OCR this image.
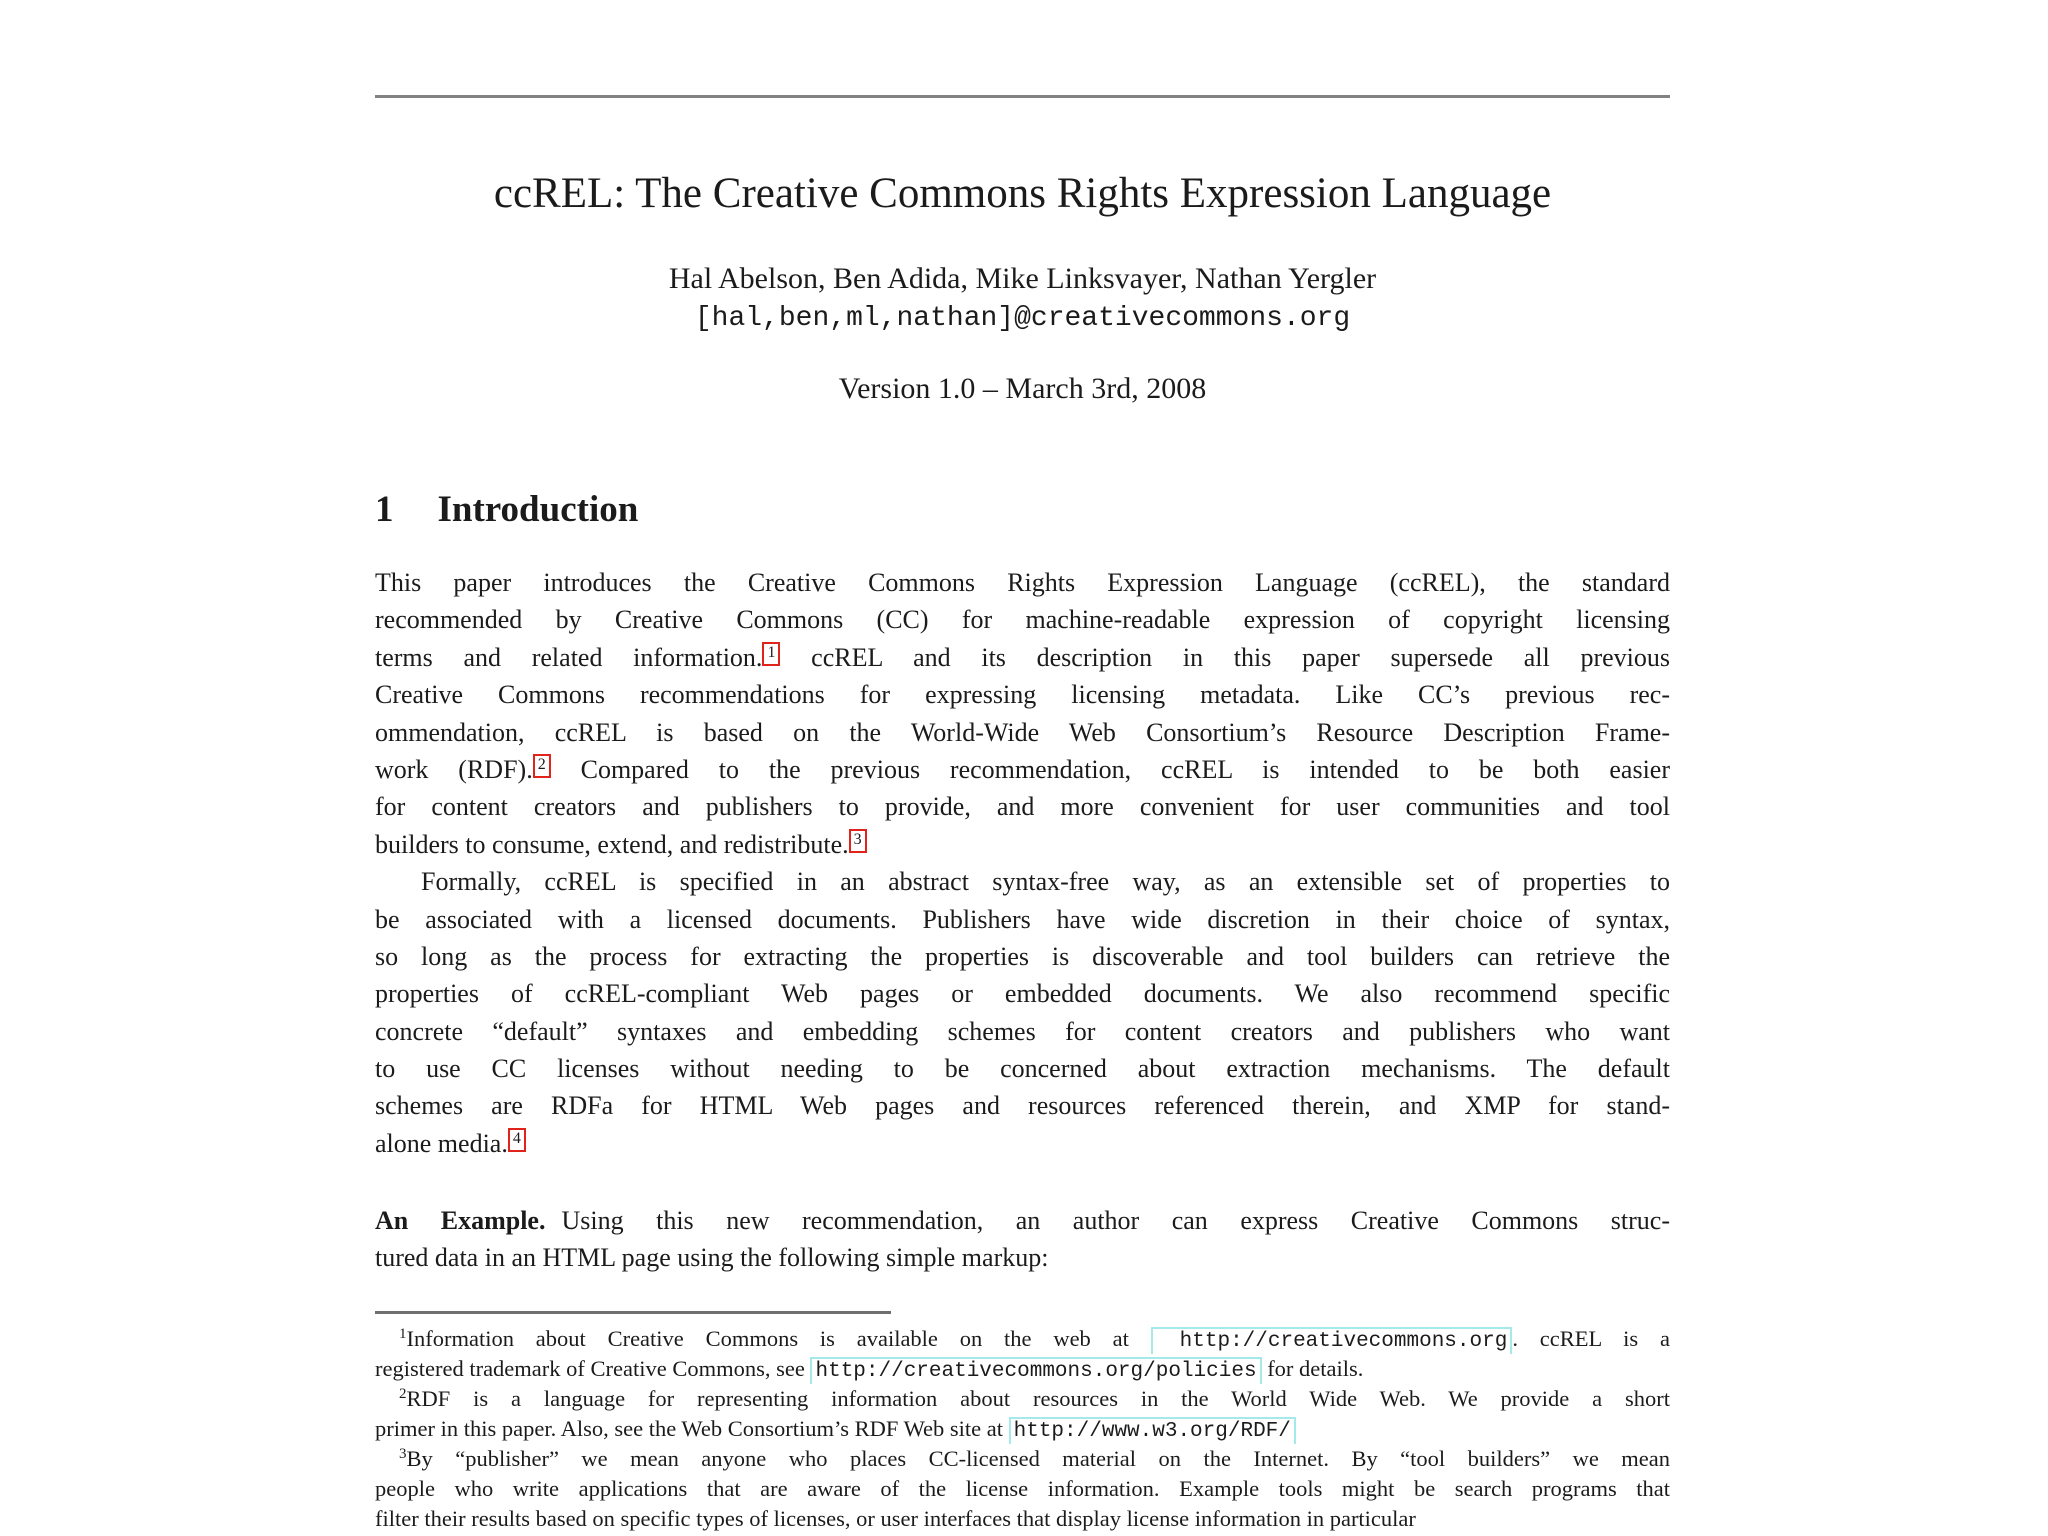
ccREL: The Creative Commons Rights Expression Language
Hal Abelson, Ben Adida, Mike Linksvayer, Nathan Yergler
[hal,ben,ml,nathan]@creativecommons.org
Version 1.0 – March 3rd, 2008
1 Introduction
This paper introduces the Creative Commons Rights Expression Language (ccREL), the standard
recommended by Creative Commons (CC) for machine-readable expression of copyright licensing
terms and related information. 1 ccREL and its description in this paper supersede all previous
Creative Commons recommendations for expressing licensing metadata. Like CC’s previous rec-
ommendation, ccREL is based on the World-Wide Web Consortium’s Resource Description Frame-
work (RDF). 2 Compared to the previous recommendation, ccREL is intended to be both easier
for content creators and publishers to provide, and more convenient for user communities and tool
builders to consume, extend, and redistribute. 3
Formally, ccREL is specified in an abstract syntax-free way, as an extensible set of properties to
be associated with a licensed documents. Publishers have wide discretion in their choice of syntax,
so long as the process for extracting the properties is discoverable and tool builders can retrieve the
properties of ccREL-compliant Web pages or embedded documents. We also recommend specific
concrete “default” syntaxes and embedding schemes for content creators and publishers who want
to use CC licenses without needing to be concerned about extraction mechanisms. The default
schemes are RDFa for HTML Web pages and resources referenced therein, and XMP for stand-
alone media. 4
An Example. Using this new recommendation, an author can express Creative Commons struc-
tured data in an HTML page using the following simple markup:
$^1$Information about Creative Commons is available on the web at http://creativecommons.org . ccREL is a
registered trademark of Creative Commons, see http://creativecommons.org/policies for details.
$^2$RDF is a language for representing information about resources in the World Wide Web. We provide a short
primer in this paper. Also, see the Web Consortium’s RDF Web site at http://www.w3.org/RDF/
$^3$By “publisher” we mean anyone who places CC-licensed material on the Internet. By “tool builders” we mean
people who write applications that are aware of the license information. Example tools might be search programs that
filter their results based on specific types of licenses, or user interfaces that display license information in particular
